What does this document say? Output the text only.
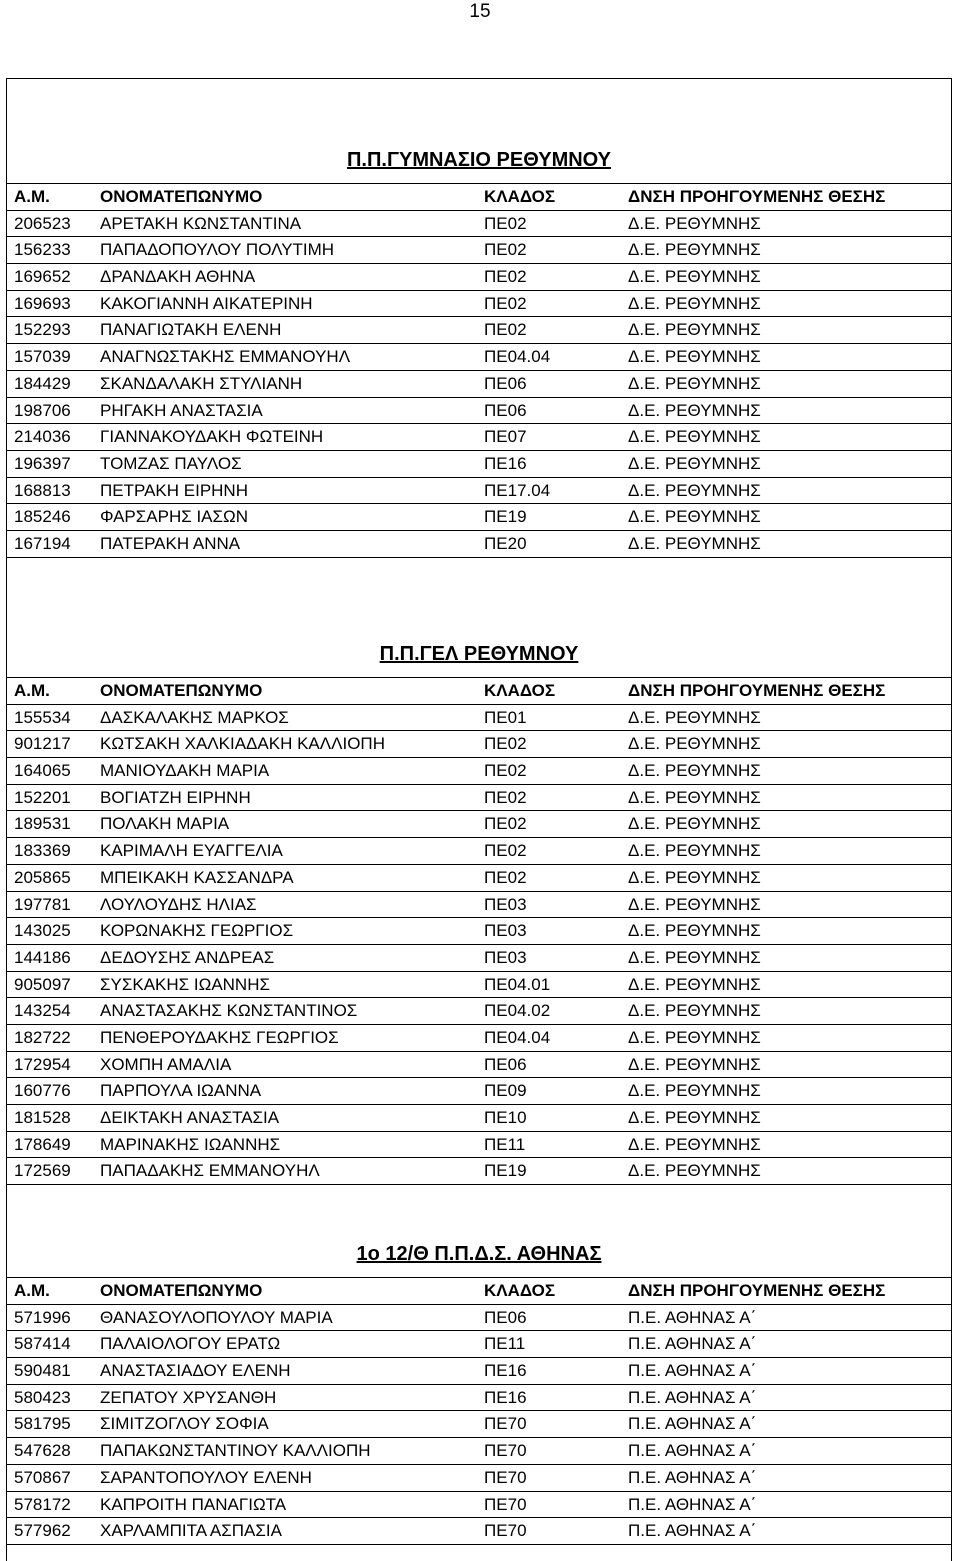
15
Π.Π.ΓΥΜΝΑΣΙΟ ΡΕΘΥΜΝΟΥ
Α.Μ.	ΟΝΟΜΑΤΕΠΩΝΥΜΟ	ΚΛΑΔΟΣ	ΔΝΣΗ ΠΡΟΗΓΟΥΜΕΝΗΣ ΘΕΣΗΣ
206523 ΑΡΕΤΑΚΗ ΚΩΝΣΤΑΝΤΙΝΑ	ΠΕ02	Δ.Ε. ΡΕΘΥΜΝΗΣ
156233 ΠΑΠΑΔΟΠΟΥΛΟΥ ΠΟΛΥΤΙΜΗ	ΠΕ02	Δ.Ε. ΡΕΘΥΜΝΗΣ
169652 ΔΡΑΝΔΑΚΗ ΑΘΗΝΑ	ΠΕ02	Δ.Ε. ΡΕΘΥΜΝΗΣ
169693 ΚΑΚΟΓΙΑΝΝΗ ΑΙΚΑΤΕΡΙΝΗ	ΠΕ02	Δ.Ε. ΡΕΘΥΜΝΗΣ
152293 ΠΑΝΑΓΙΩΤΑΚΗ ΕΛΕΝΗ	ΠΕ02	Δ.Ε. ΡΕΘΥΜΝΗΣ
157039 ΑΝΑΓΝΩΣΤΑΚΗΣ ΕΜΜΑΝΟΥΗΛ	ΠΕ04.04	Δ.Ε. ΡΕΘΥΜΝΗΣ
184429 ΣΚΑΝΔΑΛΑΚΗ ΣΤΥΛΙΑΝΗ	ΠΕ06	Δ.Ε. ΡΕΘΥΜΝΗΣ
198706 ΡΗΓΑΚΗ ΑΝΑΣΤΑΣΙΑ	ΠΕ06	Δ.Ε. ΡΕΘΥΜΝΗΣ
214036 ΓΙΑΝΝΑΚΟΥΔΑΚΗ ΦΩΤΕΙΝΗ	ΠΕ07	Δ.Ε. ΡΕΘΥΜΝΗΣ
196397 ΤΟΜΖΑΣ ΠΑΥΛΟΣ	ΠΕ16	Δ.Ε. ΡΕΘΥΜΝΗΣ
168813 ΠΕΤΡΑΚΗ ΕΙΡΗΝΗ	ΠΕ17.04	Δ.Ε. ΡΕΘΥΜΝΗΣ
185246 ΦΑΡΣΑΡΗΣ ΙΑΣΩΝ	ΠΕ19	Δ.Ε. ΡΕΘΥΜΝΗΣ
167194 ΠΑΤΕΡΑΚΗ ΑΝΝΑ	ΠΕ20	Δ.Ε. ΡΕΘΥΜΝΗΣ
Π.Π.ΓΕΛ ΡΕΘΥΜΝΟΥ
Α.Μ.	ΟΝΟΜΑΤΕΠΩΝΥΜΟ	ΚΛΑΔΟΣ	ΔΝΣΗ ΠΡΟΗΓΟΥΜΕΝΗΣ ΘΕΣΗΣ
155534 ΔΑΣΚΑΛΑΚΗΣ ΜΑΡΚΟΣ	ΠΕ01	Δ.Ε. ΡΕΘΥΜΝΗΣ
901217 ΚΩΤΣΑΚΗ ΧΑΛΚΙΑΔΑΚΗ ΚΑΛΛΙΟΠΗ	ΠΕ02	Δ.Ε. ΡΕΘΥΜΝΗΣ
164065 ΜΑΝΙΟΥΔΑΚΗ ΜΑΡΙΑ	ΠΕ02	Δ.Ε. ΡΕΘΥΜΝΗΣ
152201 ΒΟΓΙΑΤΖΗ ΕΙΡΗΝΗ	ΠΕ02	Δ.Ε. ΡΕΘΥΜΝΗΣ
189531 ΠΟΛΑΚΗ ΜΑΡΙΑ	ΠΕ02	Δ.Ε. ΡΕΘΥΜΝΗΣ
183369 ΚΑΡΙΜΑΛΗ ΕΥΑΓΓΕΛΙΑ	ΠΕ02	Δ.Ε. ΡΕΘΥΜΝΗΣ
205865 ΜΠΕΙΚΑΚΗ ΚΑΣΣΑΝΔΡΑ	ΠΕ02	Δ.Ε. ΡΕΘΥΜΝΗΣ
197781 ΛΟΥΛΟΥΔΗΣ ΗΛΙΑΣ	ΠΕ03	Δ.Ε. ΡΕΘΥΜΝΗΣ
143025 ΚΟΡΩΝΑΚΗΣ ΓΕΩΡΓΙΟΣ	ΠΕ03	Δ.Ε. ΡΕΘΥΜΝΗΣ
144186 ΔΕΔΟΥΣΗΣ ΑΝΔΡΕΑΣ	ΠΕ03	Δ.Ε. ΡΕΘΥΜΝΗΣ
905097 ΣΥΣΚΑΚΗΣ ΙΩΑΝΝΗΣ	ΠΕ04.01	Δ.Ε. ΡΕΘΥΜΝΗΣ
143254 ΑΝΑΣΤΑΣΑΚΗΣ ΚΩΝΣΤΑΝΤΙΝΟΣ	ΠΕ04.02	Δ.Ε. ΡΕΘΥΜΝΗΣ
182722 ΠΕΝΘΕΡΟΥΔΑΚΗΣ ΓΕΩΡΓΙΟΣ	ΠΕ04.04	Δ.Ε. ΡΕΘΥΜΝΗΣ
172954 ΧΟΜΠΗ ΑΜΑΛΙΑ	ΠΕ06	Δ.Ε. ΡΕΘΥΜΝΗΣ
160776 ΠΑΡΠΟΥΛΑ ΙΩΑΝΝΑ	ΠΕ09	Δ.Ε. ΡΕΘΥΜΝΗΣ
181528 ΔΕΙΚΤΑΚΗ ΑΝΑΣΤΑΣΙΑ	ΠΕ10	Δ.Ε. ΡΕΘΥΜΝΗΣ
178649 ΜΑΡΙΝΑΚΗΣ ΙΩΑΝΝΗΣ	ΠΕ11	Δ.Ε. ΡΕΘΥΜΝΗΣ
172569 ΠΑΠΑΔΑΚΗΣ ΕΜΜΑΝΟΥΗΛ	ΠΕ19	Δ.Ε. ΡΕΘΥΜΝΗΣ
1ο 12/Θ Π.Π.Δ.Σ. ΑΘΗΝΑΣ
Α.Μ.	ΟΝΟΜΑΤΕΠΩΝΥΜΟ	ΚΛΑΔΟΣ	ΔΝΣΗ ΠΡΟΗΓΟΥΜΕΝΗΣ ΘΕΣΗΣ
571996 ΘΑΝΑΣΟΥΛΟΠΟΥΛΟΥ ΜΑΡΙΑ	ΠΕ06	Π.Ε. ΑΘΗΝΑΣ Α΄
587414 ΠΑΛΑΙΟΛΟΓΟΥ ΕΡΑΤΩ	ΠΕ11	Π.Ε. ΑΘΗΝΑΣ Α΄
590481 ΑΝΑΣΤΑΣΙΑΔΟΥ ΕΛΕΝΗ	ΠΕ16	Π.Ε. ΑΘΗΝΑΣ Α΄
580423 ΖΕΠΑΤΟΥ ΧΡΥΣΑΝΘΗ	ΠΕ16	Π.Ε. ΑΘΗΝΑΣ Α΄
581795 ΣΙΜΙΤΖΟΓΛΟΥ ΣΟΦΙΑ	ΠΕ70	Π.Ε. ΑΘΗΝΑΣ Α΄
547628 ΠΑΠΑΚΩΝΣΤΑΝΤΙΝΟΥ ΚΑΛΛΙΟΠΗ	ΠΕ70	Π.Ε. ΑΘΗΝΑΣ Α΄
570867 ΣΑΡΑΝΤΟΠΟΥΛΟΥ ΕΛΕΝΗ	ΠΕ70	Π.Ε. ΑΘΗΝΑΣ Α΄
578172 ΚΑΠΡΟΙΤΗ ΠΑΝΑΓΙΩΤΑ	ΠΕ70	Π.Ε. ΑΘΗΝΑΣ Α΄
577962 ΧΑΡΛΑΜΠΙΤΑ ΑΣΠΑΣΙΑ	ΠΕ70	Π.Ε. ΑΘΗΝΑΣ Α΄
